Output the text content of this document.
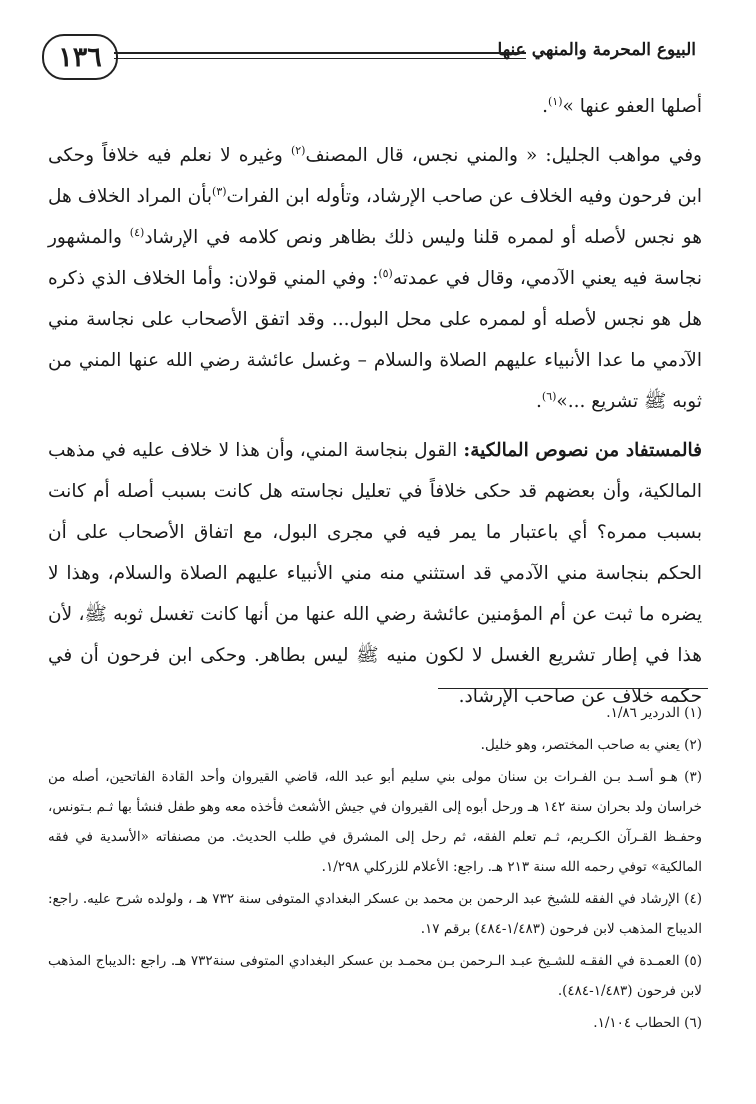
البيوع المحرمة والمنهي عنها
١٣٦

أصلها العفو عنها »$^{(١)}$.

وفي مواهب الجليل: « والمني نجس، قال المصنف$^{(٢)}$ وغيره لا نعلم فيه خلافاً وحكى ابن فرحون وفيه الخلاف عن صاحب الإرشاد، وتأوله ابن الفرات$^{(٣)}$بأن المراد الخلاف هل هو نجس لأصله أو لممره قلنا وليس ذلك بظاهر ونص كلامه في الإرشاد$^{(٤)}$ والمشهور نجاسة فيه يعني الآدمي، وقال في عمدته$^{(٥)}$: وفي المني قولان: وأما الخلاف الذي ذكره هل هو نجس لأصله أو لممره على محل البول... وقد اتفق الأصحاب على نجاسة مني الآدمي ما عدا الأنبياء عليهم الصلاة والسلام – وغسل عائشة رضي الله عنها المني من ثوبه ﷺ تشريع ...»$^{(٦)}$.

فالمستفاد من نصوص المالكية: القول بنجاسة المني، وأن هذا لا خلاف عليه في مذهب المالكية، وأن بعضهم قد حكى خلافاً في تعليل نجاسته هل كانت بسبب أصله أم كانت بسبب ممره؟ أي باعتبار ما يمر فيه في مجرى البول، مع اتفاق الأصحاب على أن الحكم بنجاسة مني الآدمي قد استثني منه مني الأنبياء عليهم الصلاة والسلام، وهذا لا يضره ما ثبت عن أم المؤمنين عائشة رضي الله عنها من أنها كانت تغسل ثوبه ﷺ، لأن هذا في إطار تشريع الغسل لا لكون منيه ﷺ ليس بطاهر. وحكى ابن فرحون أن في حكمه خلاف عن صاحب الإرشاد.

(١) الدردير ١/٨٦.

(٢) يعني به صاحب المختصر، وهو خليل.

(٣) هـو أسـد بـن الفـرات بن سنان مولى بني سليم أبو عبد الله، قاضي القيروان وأحد القادة الفاتحين، أصله من خراسان ولد بحران سنة ١٤٢ هـ ورحل أبوه إلى القيروان في جيش الأشعث فأخذه معه وهو طفل فنشأ بها ثـم بـتونس، وحفـظ القـرآن الكـريم، ثـم تعلم الفقه، ثم رحل إلى المشرق في طلب الحديث. من مصنفاته «الأسدية في فقه المالكية» توفي رحمه الله سنة ٢١٣ هـ. راجع: الأعلام للزركلي ١/٢٩٨.

(٤) الإرشاد في الفقه للشيخ عبد الرحمن بن محمد بن عسكر البغدادي المتوفى سنة ٧٣٢ هـ ، ولولده شرح عليه. راجع: الديباج المذهب لابن فرحون (١/٤٨٣-٤٨٤) برقم ١٧.

(٥) العمـدة في الفقـه للشـيخ عبـد الـرحمن بـن محمـد بن عسكر البغدادي المتوفى سنة٧٣٢ هـ. راجع :الديباج المذهب لابن فرحون (١/٤٨٣-٤٨٤).

(٦) الحطاب ١/١٠٤.
